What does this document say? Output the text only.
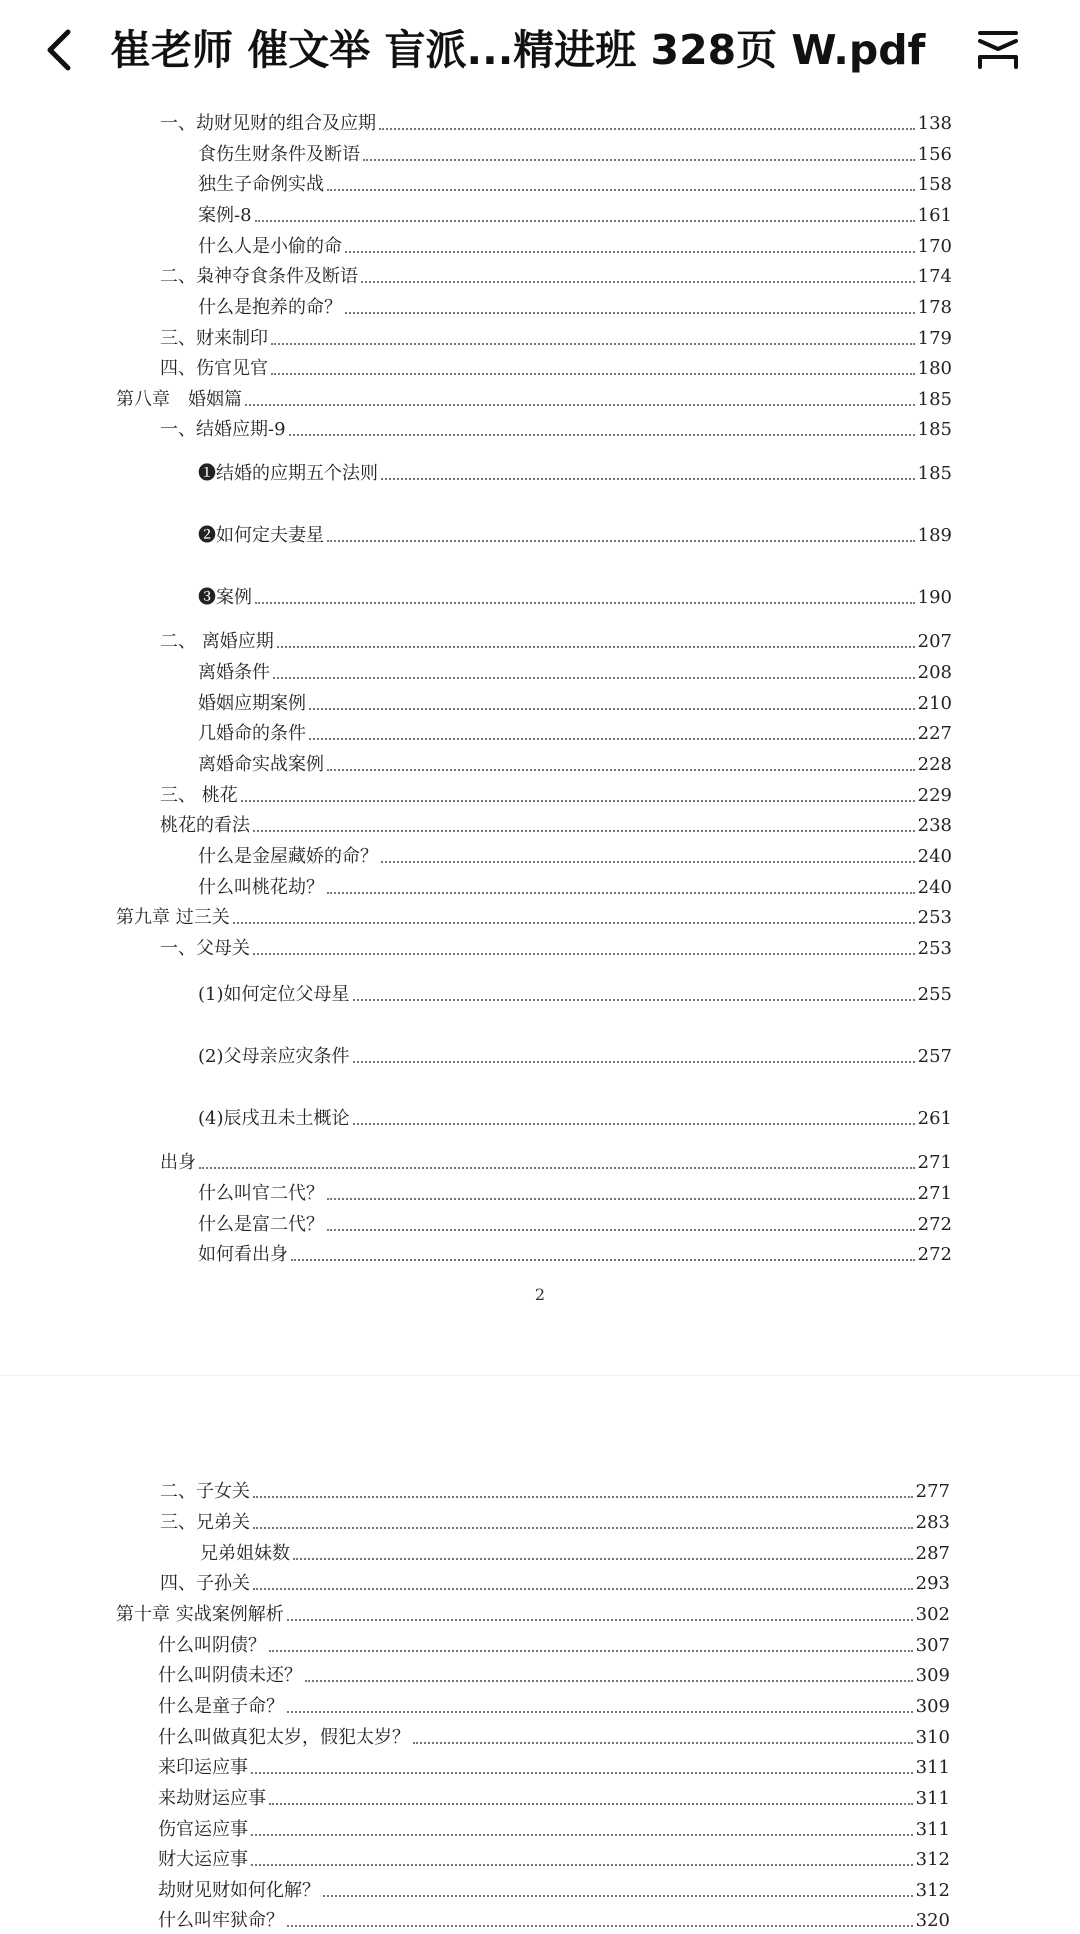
崔老师 催文举 盲派...精进班 328页 W.pdf
一、劫财见财的组合及应期	138
食伤生财条件及断语	156
独生子命例实战	158
案例-8	161
什么人是小偷的命	170
二、枭神夺食条件及断语	174
什么是抱养的命？	178
三、财来制印	179
四、伤官见官	180
第八章　婚姻篇	185
一、结婚应期-9	185
❶结婚的应期五个法则	185
❷如何定夫妻星	189
❸案例	190
二、 离婚应期	207
离婚条件	208
婚姻应期案例	210
几婚命的条件	227
离婚命实战案例	228
三、 桃花	229
桃花的看法	238
什么是金屋藏娇的命？	240
什么叫桃花劫？	240
第九章 过三关	253
一、父母关	253
(1)如何定位父母星	255
(2)父母亲应灾条件	257
(4)辰戌丑未土概论	261
出身	271
什么叫官二代？	271
什么是富二代？	272
如何看出身	272
2
二、子女关	277
三、兄弟关	283
兄弟姐妹数	287
四、子孙关	293
第十章 实战案例解析	302
什么叫阴债？	307
什么叫阴债未还？	309
什么是童子命？	309
什么叫做真犯太岁，假犯太岁？	310
来印运应事	311
来劫财运应事	311
伤官运应事	311
财大运应事	312
劫财见财如何化解？	312
什么叫牢狱命？	320
